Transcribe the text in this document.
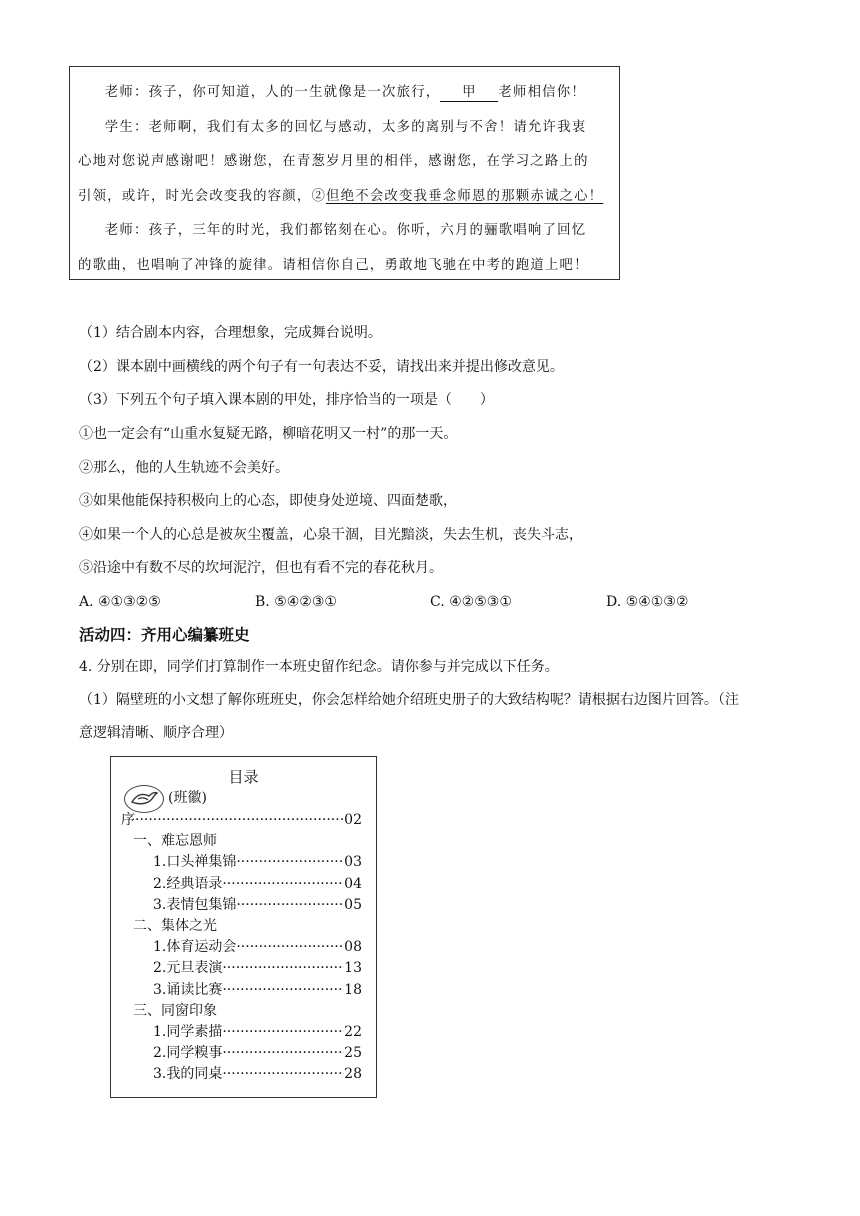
老师：孩子，你可知道，人的一生就像是一次旅行， 甲 老师相信你！

学生：老师啊，我们有太多的回忆与感动，太多的离别与不舍！请允许我衷

心地对您说声感谢吧！感谢您，在青葱岁月里的相伴，感谢您，在学习之路上的

引领，或许，时光会改变我的容颜，②但绝不会改变我垂念师恩的那颗赤诚之心！

老师：孩子，三年的时光，我们都铭刻在心。你听，六月的骊歌唱响了回忆

的歌曲，也唱响了冲锋的旋律。请相信你自己，勇敢地飞驰在中考的跑道上吧！

（1）结合剧本内容，合理想象，完成舞台说明。
（2）课本剧中画横线的两个句子有一句表达不妥，请找出来并提出修改意见。
（3）下列五个句子填入课本剧的甲处，排序恰当的一项是（　　）
①也一定会有“山重水复疑无路，柳暗花明又一村”的那一天。
②那么，他的人生轨迹不会美好。
③如果他能保持积极向上的心态，即使身处逆境、四面楚歌，
④如果一个人的心总是被灰尘覆盖，心泉干涸，目光黯淡，失去生机，丧失斗志，
⑤沿途中有数不尽的坎坷泥泞，但也有看不完的春花秋月。
A. ④①③②⑤	B. ⑤④②③①	C. ④②⑤③①	D. ⑤④①③②
活动四：齐用心编纂班史
4. 分别在即，同学们打算制作一本班史留作纪念。请你参与并完成以下任务。
（1）隔壁班的小文想了解你班班史，你会怎样给她介绍班史册子的大致结构呢？请根据右边图片回答。（注
意逻辑清晰、顺序合理）
目录
(班徽)
序 ·····	02
一、难忘恩师
1.口头禅集锦 ·····	03
2.经典语录 ·····	04
3.表情包集锦 ·····	05
二、集体之光
1.体育运动会 ·····	08
2.元旦表演 ·····	13
3.诵读比赛 ·····	18
三、同窗印象
1.同学素描 ·····	22
2.同学糗事 ·····	25
3.我的同桌 ·····	28
